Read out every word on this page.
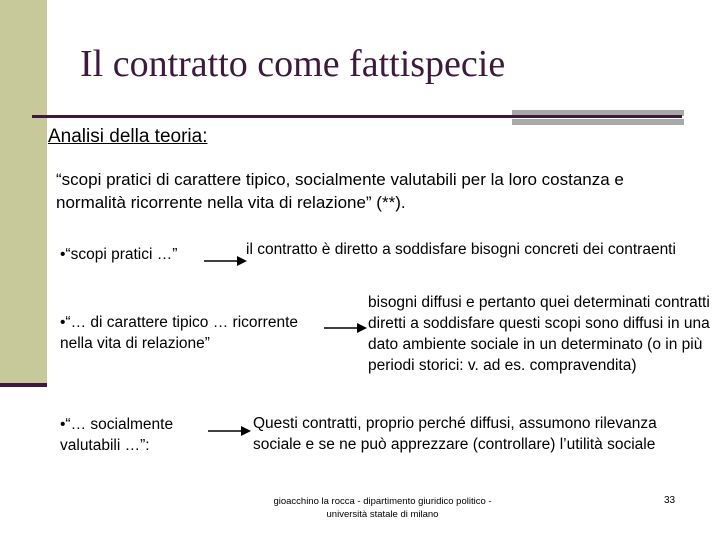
Il contratto come fattispecie
Analisi della teoria:
“scopi pratici di carattere tipico, socialmente valutabili per la loro costanza e normalità ricorrente nella vita di relazione” (**).
•“scopi pratici …”	il contratto è diretto a soddisfare bisogni concreti dei contraenti
•“… di carattere tipico … ricorrente nella vita di relazione”
bisogni diffusi e pertanto quei determinati contratti diretti a soddisfare questi scopi sono diffusi in una dato ambiente sociale in un determinato (o in più periodi storici: v. ad es. compravendita)
•“… socialmente valutabili …”:
Questi contratti, proprio perché diffusi, assumono rilevanza sociale e se ne può apprezzare (controllare) l’utilità sociale
gioacchino la rocca - dipartimento giuridico politico - università statale di milano
33
